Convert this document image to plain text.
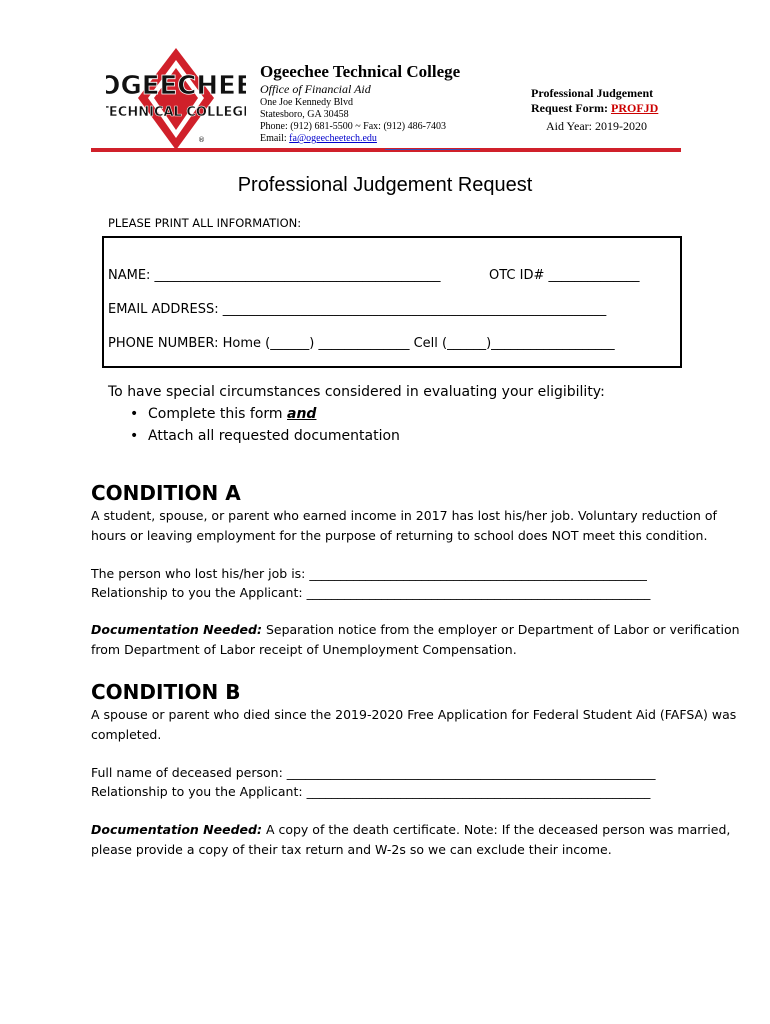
OGEECHEE
TECHNICAL COLLEGE
®
Ogeechee Technical College
Office of Financial Aid
One Joe Kennedy Blvd
Statesboro, GA 30458
Phone: (912) 681-5500 ~ Fax: (912) 486-7403
Email: fa@ogeecheetech.edu
Professional Judgement
Request Form: PROFJD
Aid Year: 2019-2020
Professional Judgement Request
PLEASE PRINT ALL INFORMATION:
NAME: ____________________________________________	OTC ID# ______________
EMAIL ADDRESS: ___________________________________________________________
PHONE NUMBER: Home (______) ______________ Cell (______)___________________
To have special circumstances considered in evaluating your eligibility:
• Complete this form and
• Attach all requested documentation
CONDITION A
A student, spouse, or parent who earned income in 2017 has lost his/her job. Voluntary reduction of
hours or leaving employment for the purpose of returning to school does NOT meet this condition.
The person who lost his/her job is: ______________________________________________________
Relationship to you the Applicant: _______________________________________________________
Documentation Needed: Separation notice from the employer or Department of Labor or verification
from Department of Labor receipt of Unemployment Compensation.
CONDITION B
A spouse or parent who died since the 2019-2020 Free Application for Federal Student Aid (FAFSA) was
completed.
Full name of deceased person: ___________________________________________________________
Relationship to you the Applicant: _______________________________________________________
Documentation Needed: A copy of the death certificate. Note: If the deceased person was married,
please provide a copy of their tax return and W-2s so we can exclude their income.
